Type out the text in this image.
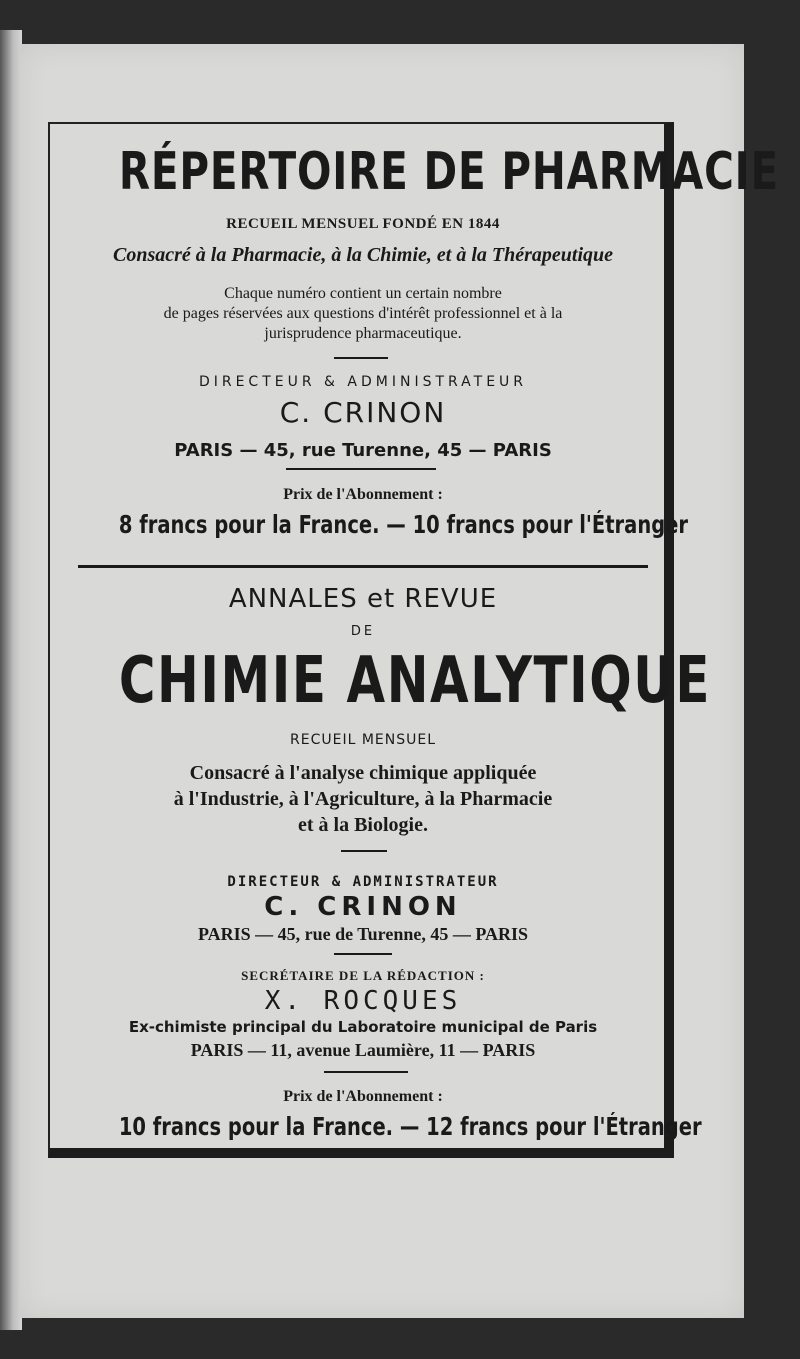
RÉPERTOIRE DE PHARMACIE
RECUEIL MENSUEL FONDÉ EN 1844
Consacré à la Pharmacie, à la Chimie, et à la Thérapeutique
Chaque numéro contient un certain nombre
de pages réservées aux questions d'intérêt professionnel et à la
jurisprudence pharmaceutique.
DIRECTEUR & ADMINISTRATEUR
C. CRINON
PARIS — 45, rue Turenne, 45 — PARIS
Prix de l'Abonnement :
8 francs pour la France. — 10 francs pour l'Étranger
ANNALES et REVUE
DE
CHIMIE ANALYTIQUE
RECUEIL MENSUEL
Consacré à l'analyse chimique appliquée
à l'Industrie, à l'Agriculture, à la Pharmacie
et à la Biologie.
DIRECTEUR & ADMINISTRATEUR
C. CRINON
PARIS — 45, rue de Turenne, 45 — PARIS
SECRÉTAIRE DE LA RÉDACTION :
X. ROCQUES
Ex-chimiste principal du Laboratoire municipal de Paris
PARIS — 11, avenue Laumière, 11 — PARIS
Prix de l'Abonnement :
10 francs pour la France. — 12 francs pour l'Étranger
